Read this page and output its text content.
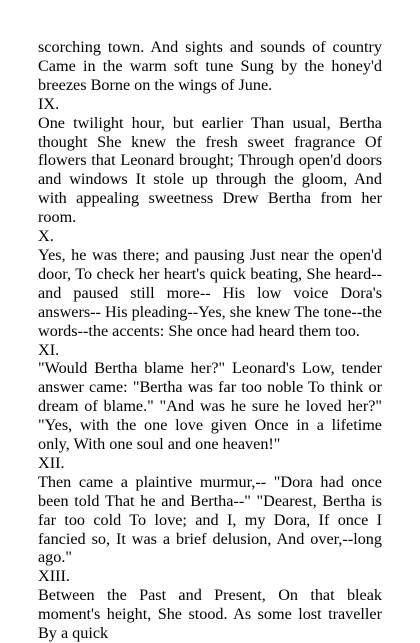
scorching town. And sights and sounds of country Came in the warm soft tune Sung by the honey'd breezes Borne on the wings of June.

IX.

One twilight hour, but earlier Than usual, Bertha thought She knew the fresh sweet fragrance Of flowers that Leonard brought; Through open'd doors and windows It stole up through the gloom, And with appealing sweetness Drew Bertha from her room.

X.

Yes, he was there; and pausing Just near the open'd door, To check her heart's quick beating, She heard--and paused still more-- His low voice Dora's answers-- His pleading--Yes, she knew The tone--the words--the accents: She once had heard them too.

XI.

"Would Bertha blame her?" Leonard's Low, tender answer came: "Bertha was far too noble To think or dream of blame." "And was he sure he loved her?" "Yes, with the one love given Once in a lifetime only, With one soul and one heaven!"

XII.

Then came a plaintive murmur,-- "Dora had once been told That he and Bertha--" "Dearest, Bertha is far too cold To love; and I, my Dora, If once I fancied so, It was a brief delusion, And over,--long ago."

XIII.

Between the Past and Present, On that bleak moment's height, She stood. As some lost traveller By a quick
